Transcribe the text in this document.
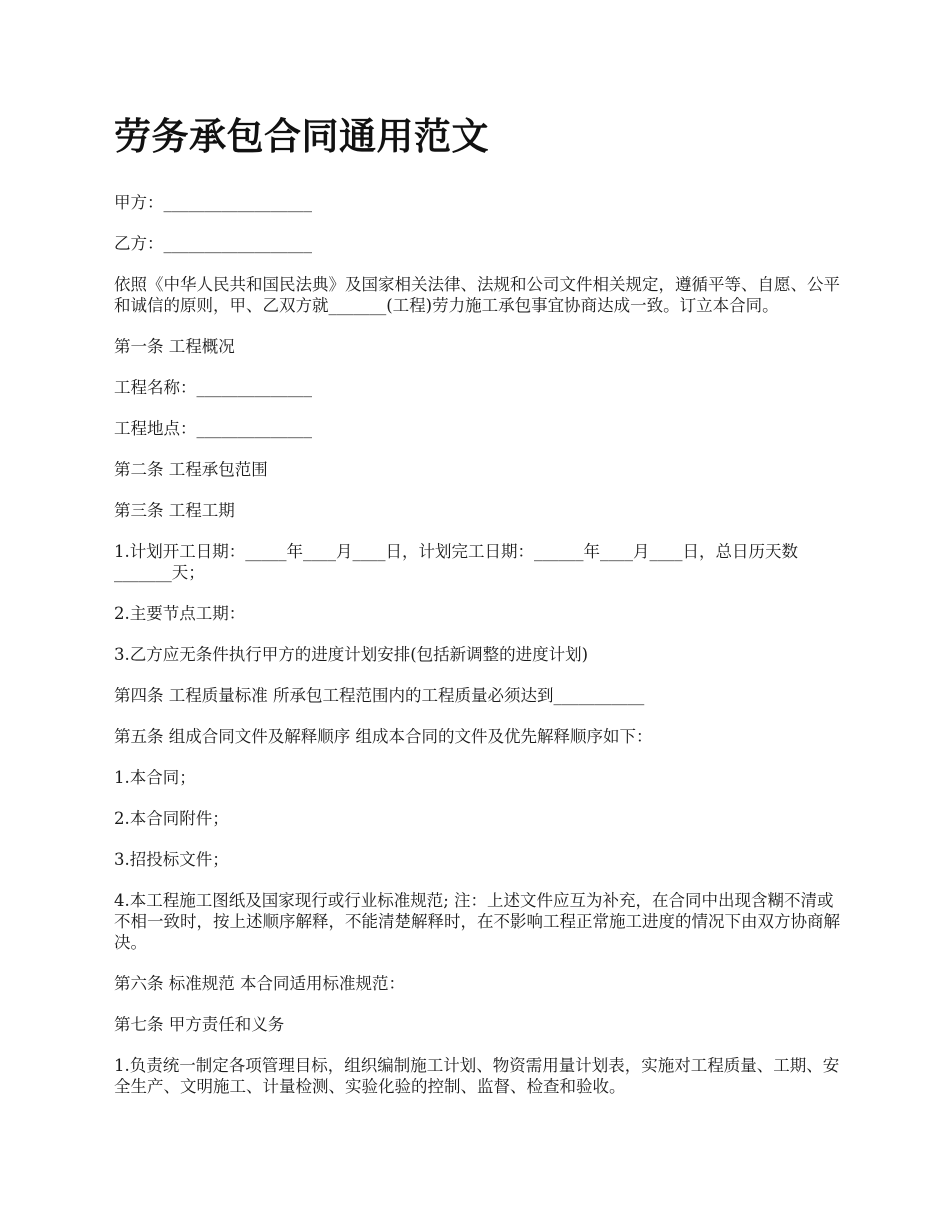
劳务承包合同通用范文

甲方：__________________

乙方：__________________

依照《中华人民共和国民法典》及国家相关法律、法规和公司文件相关规定，遵循平等、自愿、公平和诚信的原则，甲、乙双方就_______(工程)劳力施工承包事宜协商达成一致。订立本合同。

第一条 工程概况

工程名称：______________

工程地点：______________

第二条 工程承包范围

第三条 工程工期

1.计划开工日期：_____年____月____日，计划完工日期：______年____月____日，总日历天数_______天；

2.主要节点工期：

3.乙方应无条件执行甲方的进度计划安排(包括新调整的进度计划)

第四条 工程质量标准 所承包工程范围内的工程质量必须达到___________

第五条 组成合同文件及解释顺序 组成本合同的文件及优先解释顺序如下：

1.本合同；

2.本合同附件；

3.招投标文件；

4.本工程施工图纸及国家现行或行业标准规范; 注：上述文件应互为补充，在合同中出现含糊不清或不相一致时，按上述顺序解释，不能清楚解释时，在不影响工程正常施工进度的情况下由双方协商解决。

第六条 标准规范 本合同适用标准规范：

第七条 甲方责任和义务

1.负责统一制定各项管理目标，组织编制施工计划、物资需用量计划表，实施对工程质量、工期、安全生产、文明施工、计量检测、实验化验的控制、监督、检查和验收。
